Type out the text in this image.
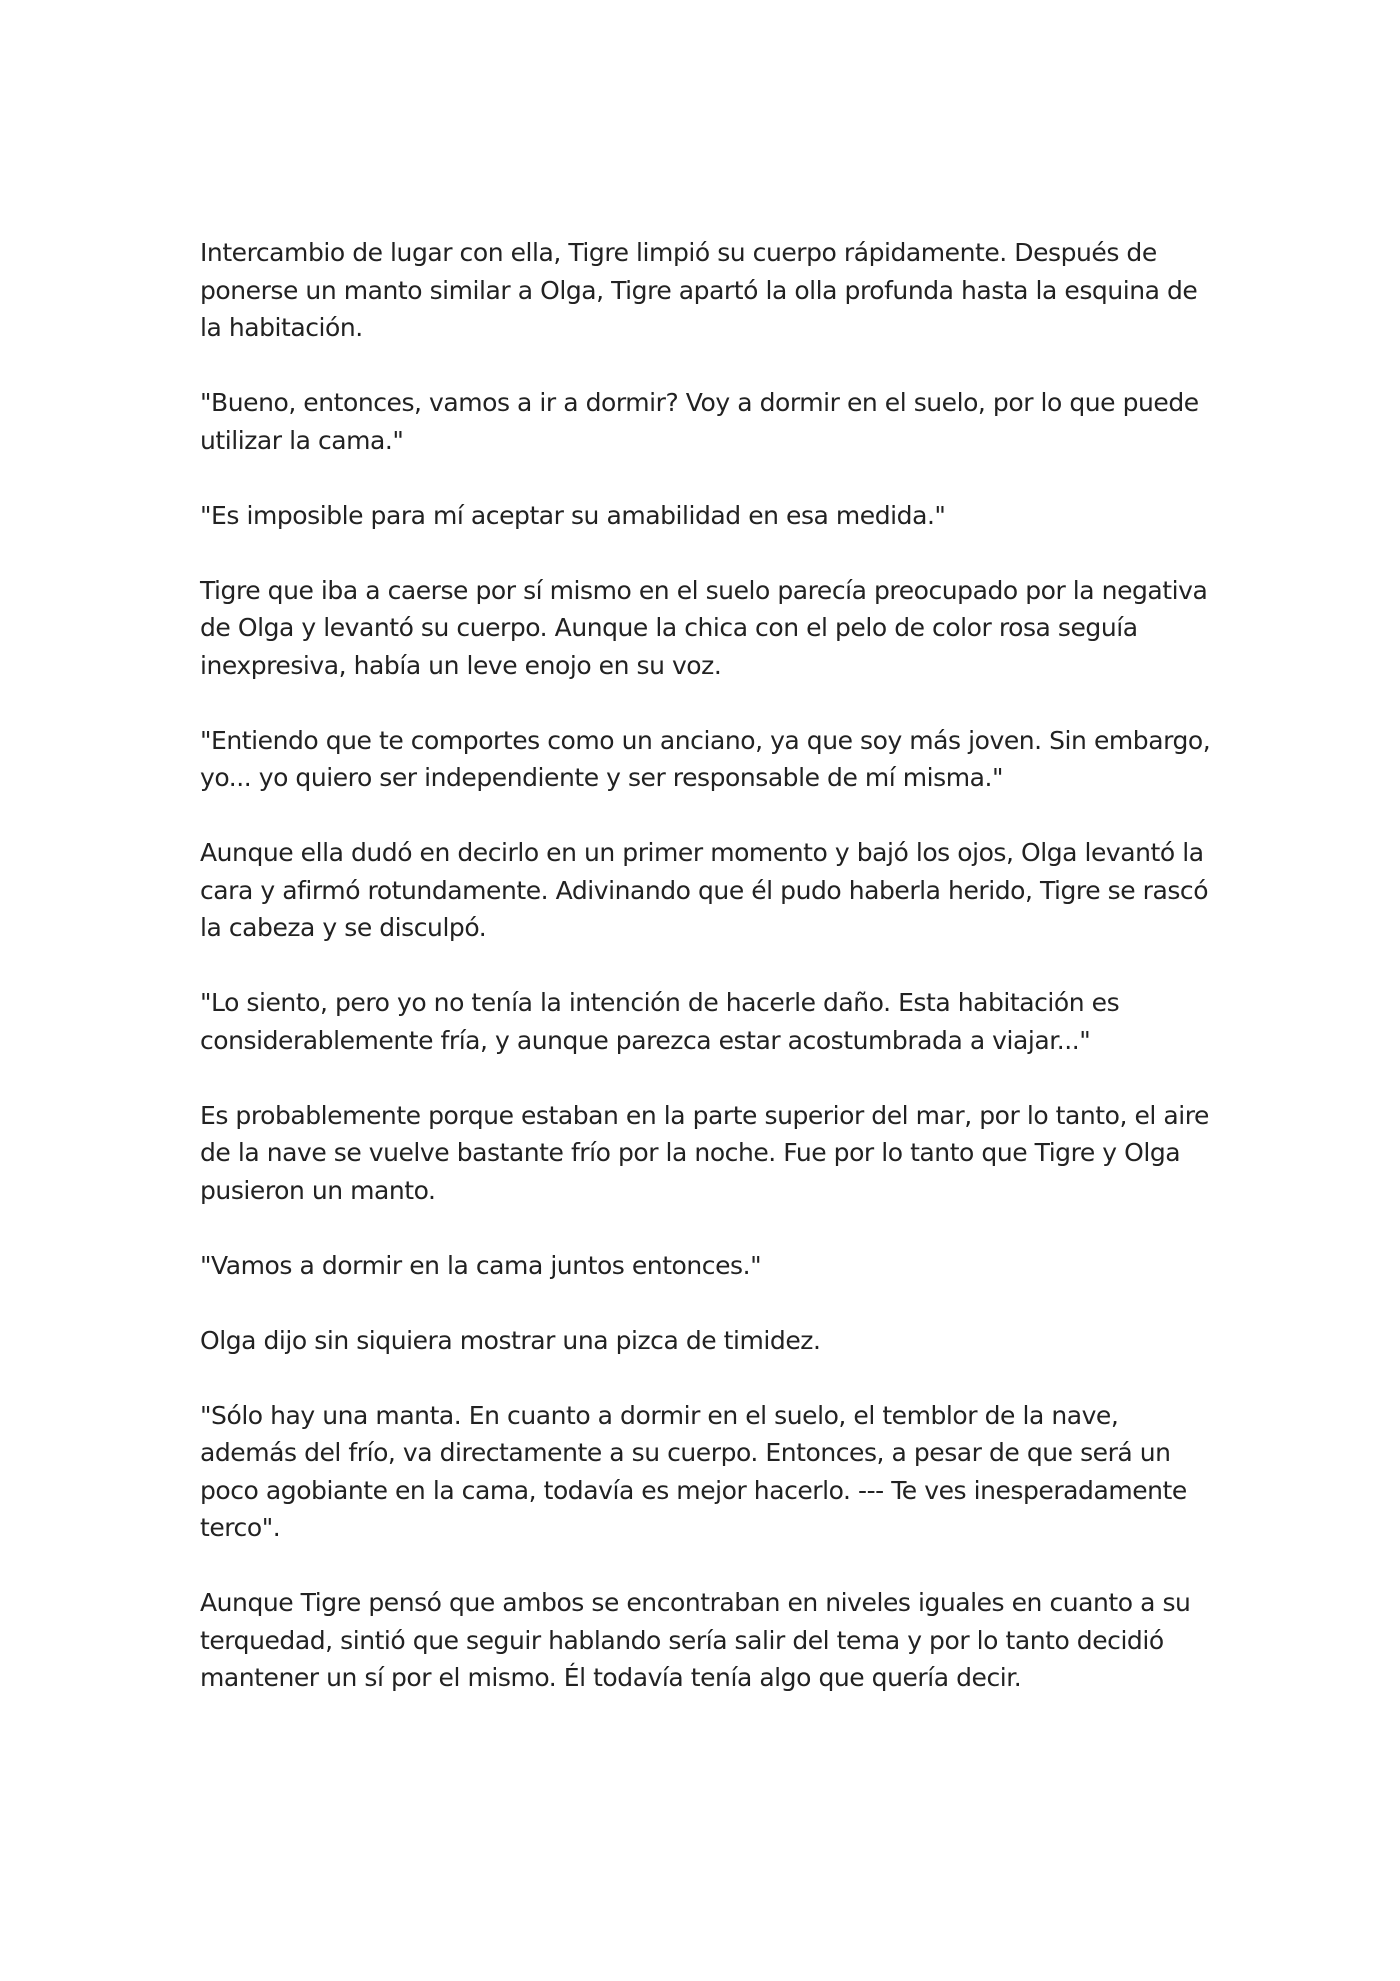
Intercambio de lugar con ella, Tigre limpió su cuerpo rápidamente. Después de ponerse un manto similar a Olga, Tigre apartó la olla profunda hasta la esquina de la habitación.

"Bueno, entonces, vamos a ir a dormir? Voy a dormir en el suelo, por lo que puede utilizar la cama."

"Es imposible para mí aceptar su amabilidad en esa medida."

Tigre que iba a caerse por sí mismo en el suelo parecía preocupado por la negativa de Olga y levantó su cuerpo. Aunque la chica con el pelo de color rosa seguía inexpresiva, había un leve enojo en su voz.

"Entiendo que te comportes como un anciano, ya que soy más joven. Sin embargo, yo... yo quiero ser independiente y ser responsable de mí misma."

Aunque ella dudó en decirlo en un primer momento y bajó los ojos, Olga levantó la cara y afirmó rotundamente. Adivinando que él pudo haberla herido, Tigre se rascó la cabeza y se disculpó.

"Lo siento, pero yo no tenía la intención de hacerle daño. Esta habitación es considerablemente fría, y aunque parezca estar acostumbrada a viajar..."

Es probablemente porque estaban en la parte superior del mar, por lo tanto, el aire de la nave se vuelve bastante frío por la noche. Fue por lo tanto que Tigre y Olga pusieron un manto.

"Vamos a dormir en la cama juntos entonces."

Olga dijo sin siquiera mostrar una pizca de timidez.

"Sólo hay una manta. En cuanto a dormir en el suelo, el temblor de la nave, además del frío, va directamente a su cuerpo. Entonces, a pesar de que será un poco agobiante en la cama, todavía es mejor hacerlo. --- Te ves inesperadamente terco".

Aunque Tigre pensó que ambos se encontraban en niveles iguales en cuanto a su terquedad, sintió que seguir hablando sería salir del tema y por lo tanto decidió mantener un sí por el mismo. Él todavía tenía algo que quería decir.
